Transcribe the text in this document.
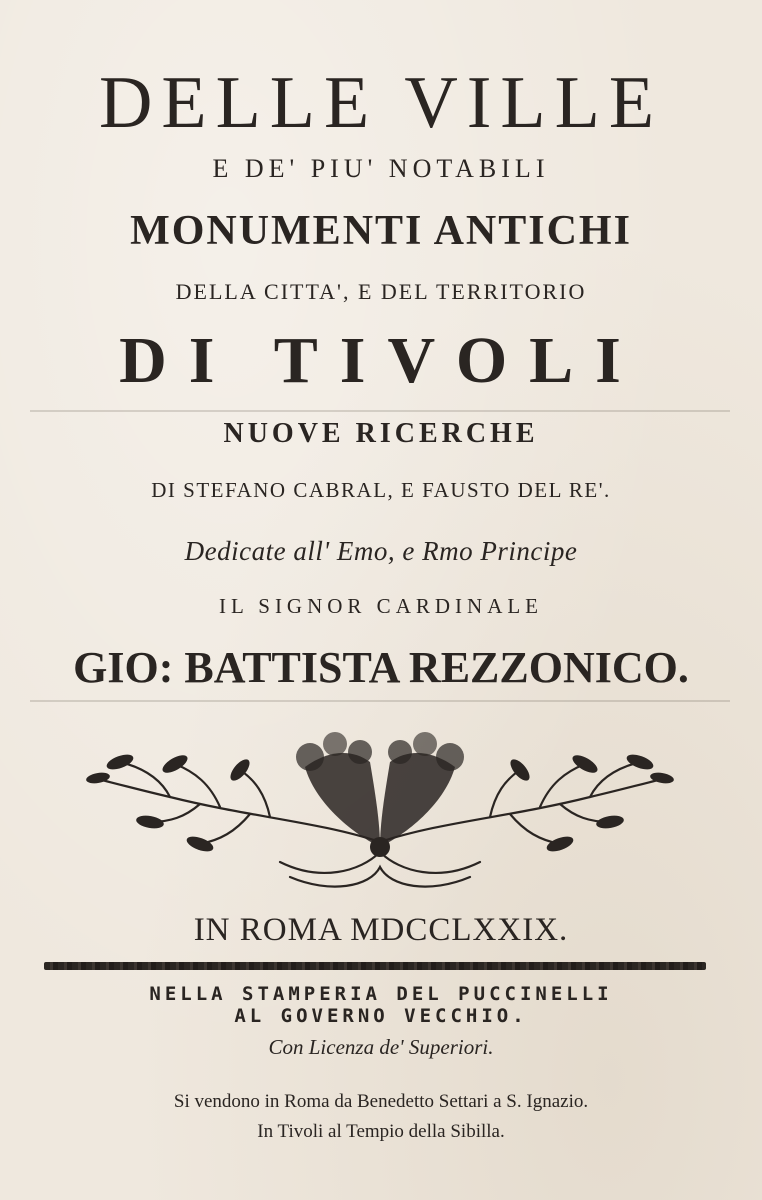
DELLE VILLE
E DE' PIU' NOTABILI
MONUMENTI ANTICHI
DELLA CITTA', E DEL TERRITORIO
DI TIVOLI
NUOVE RICERCHE
DI STEFANO CABRAL, E FAUSTO DEL RE'.
Dedicate all' Emo, e Rmo Principe
IL SIGNOR CARDINALE
GIO: BATTISTA REZZONICO.
IN ROMA MDCCLXXIX.
NELLA STAMPERIA DEL PUCCINELLI
AL GOVERNO VECCHIO.
Con Licenza de' Superiori.
Si vendono in Roma da Benedetto Settari a S. Ignazio.
In Tivoli al Tempio della Sibilla.
